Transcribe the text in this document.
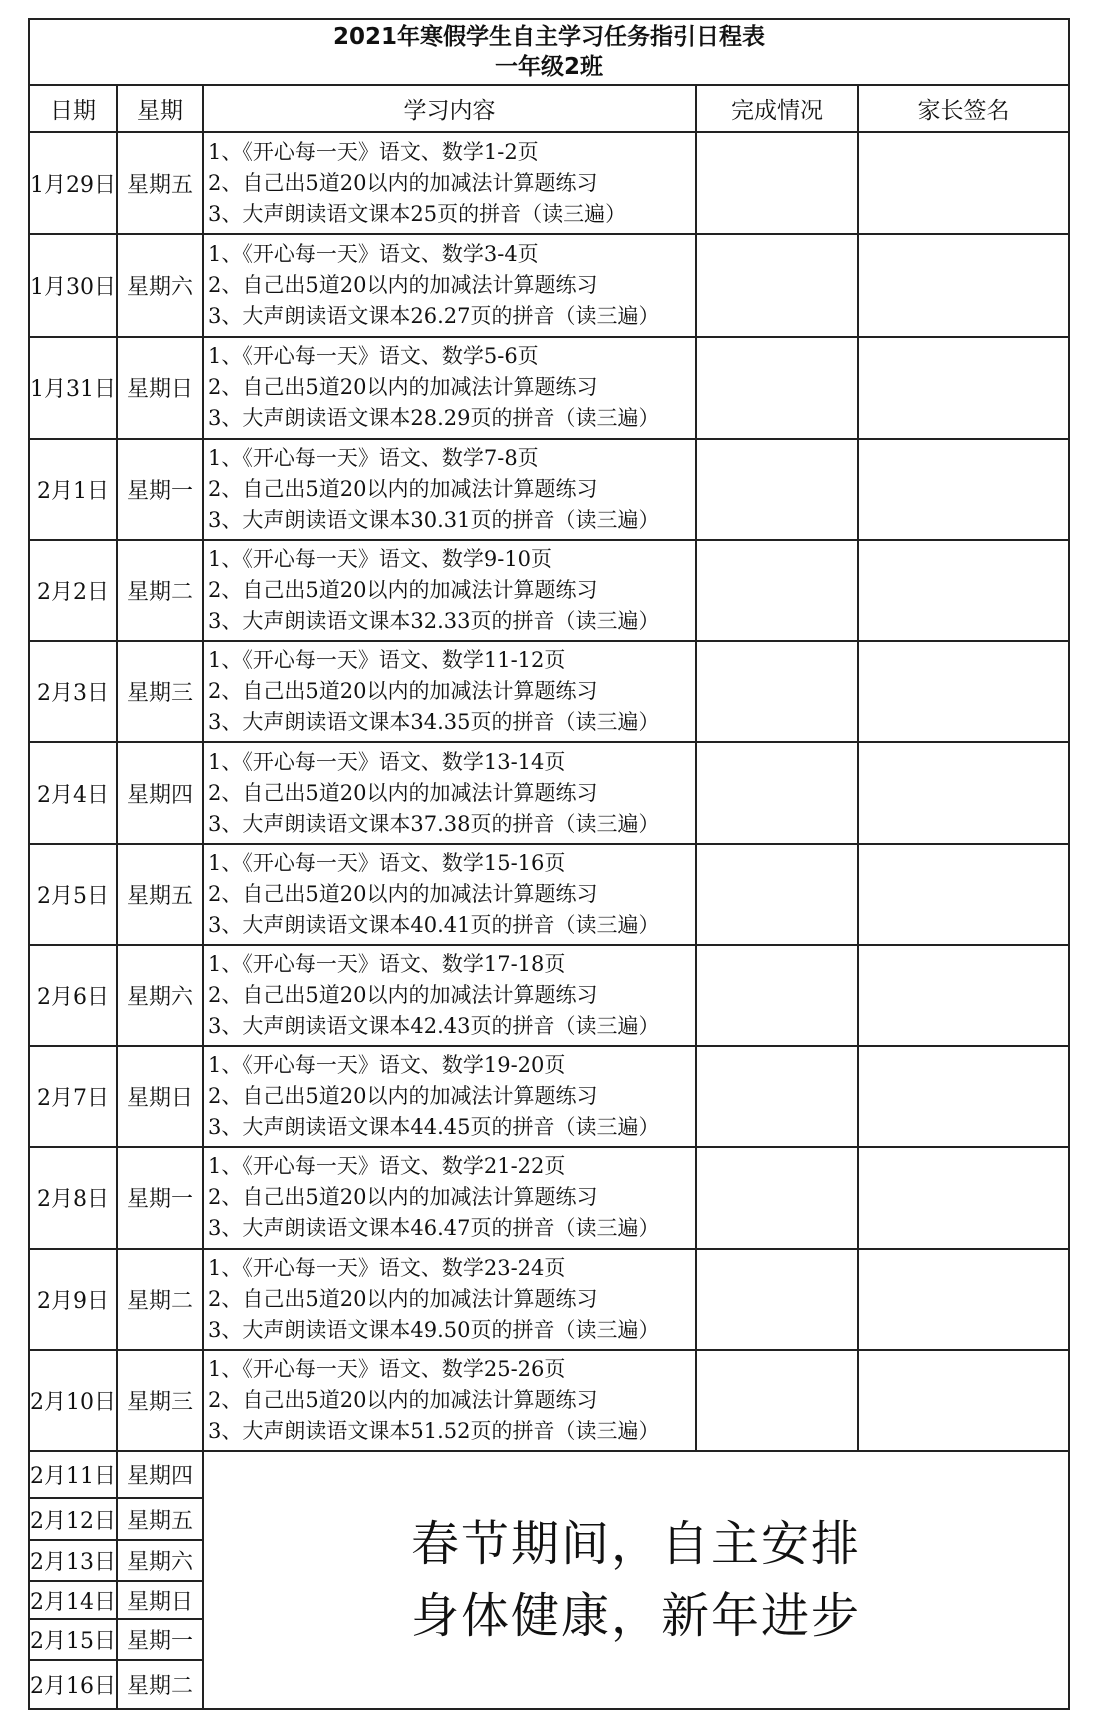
2021年寒假学生自主学习任务指引日程表
一年级2班				

日期	星期	学习内容	完成情况	家长签名
1月29日	星期五	1、《开心每一天》语文、数学1-2页
2、自己出5道20以内的加减法计算题练习
3、大声朗读语文课本25页的拼音（读三遍）		

1月30日	星期六	1、《开心每一天》语文、数学3-4页
2、自己出5道20以内的加减法计算题练习
3、大声朗读语文课本26.27页的拼音（读三遍）		

1月31日	星期日	1、《开心每一天》语文、数学5-6页
2、自己出5道20以内的加减法计算题练习
3、大声朗读语文课本28.29页的拼音（读三遍）		

2月1日	星期一	1、《开心每一天》语文、数学7-8页
2、自己出5道20以内的加减法计算题练习
3、大声朗读语文课本30.31页的拼音（读三遍）		

2月2日	星期二	1、《开心每一天》语文、数学9-10页
2、自己出5道20以内的加减法计算题练习
3、大声朗读语文课本32.33页的拼音（读三遍）		

2月3日	星期三	1、《开心每一天》语文、数学11-12页
2、自己出5道20以内的加减法计算题练习
3、大声朗读语文课本34.35页的拼音（读三遍）		

2月4日	星期四	1、《开心每一天》语文、数学13-14页
2、自己出5道20以内的加减法计算题练习
3、大声朗读语文课本37.38页的拼音（读三遍）		

2月5日	星期五	1、《开心每一天》语文、数学15-16页
2、自己出5道20以内的加减法计算题练习
3、大声朗读语文课本40.41页的拼音（读三遍）		

2月6日	星期六	1、《开心每一天》语文、数学17-18页
2、自己出5道20以内的加减法计算题练习
3、大声朗读语文课本42.43页的拼音（读三遍）		

2月7日	星期日	1、《开心每一天》语文、数学19-20页
2、自己出5道20以内的加减法计算题练习
3、大声朗读语文课本44.45页的拼音（读三遍）		

2月8日	星期一	1、《开心每一天》语文、数学21-22页
2、自己出5道20以内的加减法计算题练习
3、大声朗读语文课本46.47页的拼音（读三遍）		

2月9日	星期二	1、《开心每一天》语文、数学23-24页
2、自己出5道20以内的加减法计算题练习
3、大声朗读语文课本49.50页的拼音（读三遍）		

2月10日	星期三	1、《开心每一天》语文、数学25-26页
2、自己出5道20以内的加减法计算题练习
3、大声朗读语文课本51.52页的拼音（读三遍）		

2月11日	星期四	春节期间，自主安排
身体健康，新年进步		

2月12日	星期五			
2月13日	星期六			
2月14日	星期日			
2月15日	星期一			
2月16日	星期二			
